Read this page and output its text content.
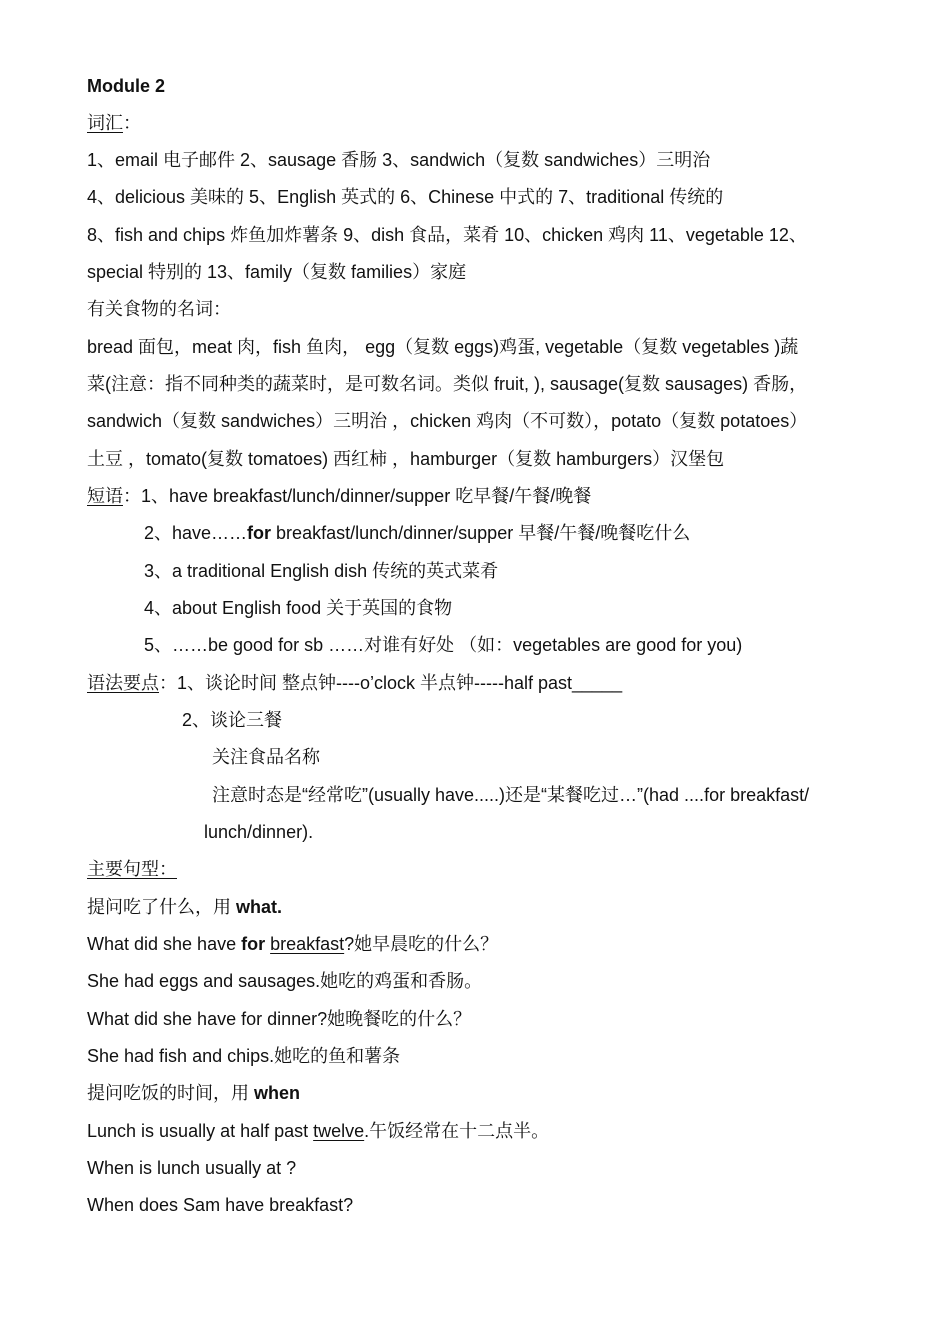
Module 2
词汇：
1、email 电子邮件 2、sausage 香肠 3、sandwich（复数 sandwiches）三明治
4、delicious 美味的 5、English 英式的 6、Chinese 中式的 7、traditional 传统的
8、fish and chips 炸鱼加炸薯条 9、dish 食品，菜肴 10、chicken 鸡肉 11、vegetable 12、
special 特别的 13、family（复数 families）家庭
有关食物的名词：
bread 面包，meat 肉，fish 鱼肉， egg（复数 eggs)鸡蛋, vegetable（复数 vegetables )蔬
菜(注意：指不同种类的蔬菜时，是可数名词。类似 fruit, ), sausage(复数 sausages) 香肠，
sandwich（复数 sandwiches）三明治 ，chicken 鸡肉（不可数），potato（复数 potatoes）
土豆 ，tomato(复数 tomatoes) 西红柿 ，hamburger（复数 hamburgers）汉堡包
短语：1、have breakfast/lunch/dinner/supper 吃早餐/午餐/晚餐
2、have……for breakfast/lunch/dinner/supper 早餐/午餐/晚餐吃什么
3、a traditional English dish 传统的英式菜肴
4、about English food 关于英国的食物
5、……be good for sb ……对谁有好处 （如：vegetables are good for you)
语法要点：1、谈论时间 整点钟----o’clock 半点钟-----half past_____
2、谈论三餐
关注食品名称
注意时态是“经常吃”(usually have.....)还是“某餐吃过…”(had ....for breakfast/
lunch/dinner).
主要句型：
提问吃了什么，用 what.
What did she have for breakfast?她早晨吃的什么？
She had eggs and sausages.她吃的鸡蛋和香肠。
What did she have for dinner?她晚餐吃的什么？
She had fish and chips.她吃的鱼和薯条
提问吃饭的时间，用 when
Lunch is usually at half past twelve.午饭经常在十二点半。
When is lunch usually at ?
When does Sam have breakfast?
